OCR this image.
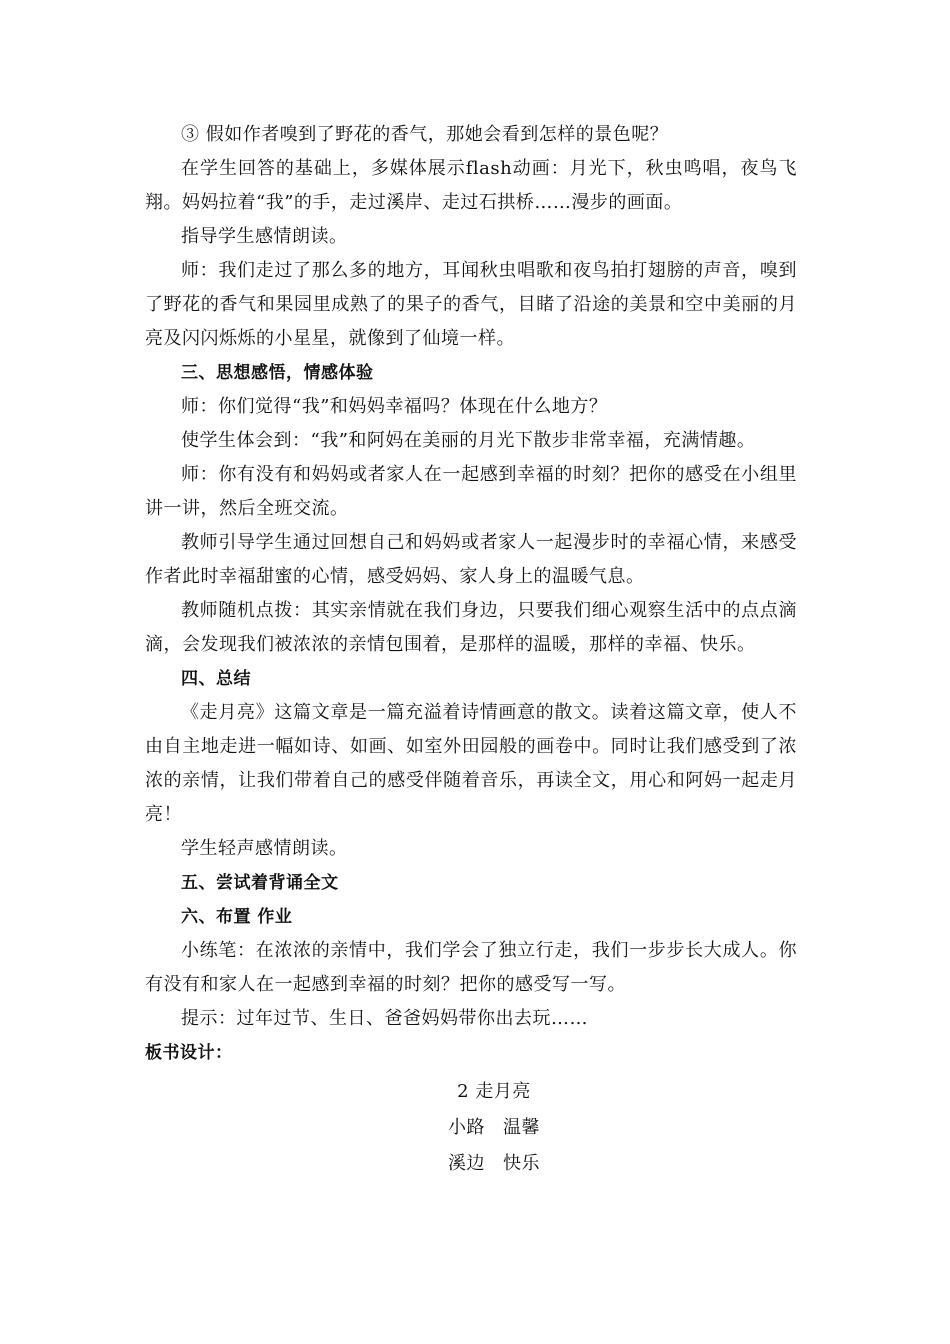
③ 假如作者嗅到了野花的香气，那她会看到怎样的景色呢？

在学生回答的基础上，多媒体展示flash动画：月光下，秋虫鸣唱，夜鸟飞翔。妈妈拉着“我”的手，走过溪岸、走过石拱桥……漫步的画面。

指导学生感情朗读。

师：我们走过了那么多的地方，耳闻秋虫唱歌和夜鸟拍打翅膀的声音，嗅到了野花的香气和果园里成熟了的果子的香气，目睹了沿途的美景和空中美丽的月亮及闪闪烁烁的小星星，就像到了仙境一样。

三、思想感悟，情感体验

师：你们觉得“我”和妈妈幸福吗？体现在什么地方？

使学生体会到：“我”和阿妈在美丽的月光下散步非常幸福，充满情趣。

师：你有没有和妈妈或者家人在一起感到幸福的时刻？把你的感受在小组里讲一讲，然后全班交流。

教师引导学生通过回想自己和妈妈或者家人一起漫步时的幸福心情，来感受作者此时幸福甜蜜的心情，感受妈妈、家人身上的温暖气息。

教师随机点拨：其实亲情就在我们身边，只要我们细心观察生活中的点点滴滴，会发现我们被浓浓的亲情包围着，是那样的温暖，那样的幸福、快乐。

四、总结

《走月亮》这篇文章是一篇充溢着诗情画意的散文。读着这篇文章，使人不由自主地走进一幅如诗、如画、如室外田园般的画卷中。同时让我们感受到了浓浓的亲情，让我们带着自己的感受伴随着音乐，再读全文，用心和阿妈一起走月亮！

学生轻声感情朗读。

五、尝试着背诵全文

六、布置 作业

小练笔：在浓浓的亲情中，我们学会了独立行走，我们一步步长大成人。你有没有和家人在一起感到幸福的时刻？把你的感受写一写。

提示：过年过节、生日、爸爸妈妈带你出去玩……

板书设计：

2 走月亮
小路 温馨
溪边 快乐
